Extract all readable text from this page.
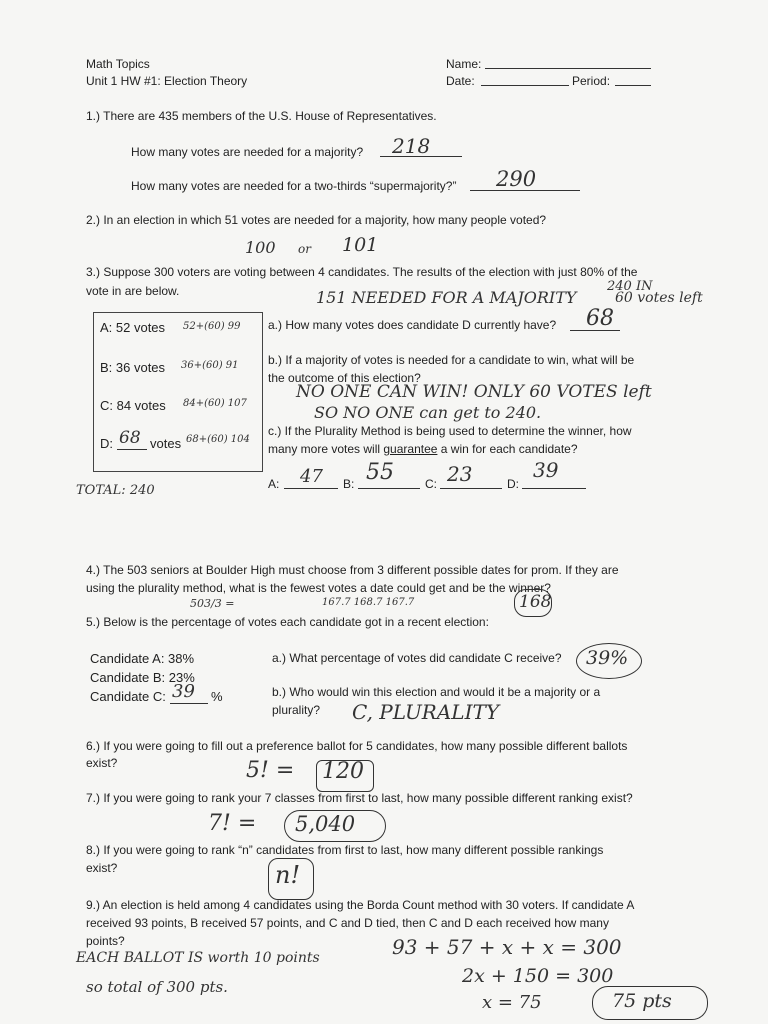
Math Topics
Unit 1 HW #1: Election Theory
Name:
Date:	Period:
1.) There are 435 members of the U.S. House of Representatives.
How many votes are needed for a majority? 218
How many votes are needed for a two-thirds “supermajority?” 290
2.) In an election in which 51 votes are needed for a majority, how many people voted?
100 or 101
3.) Suppose 300 voters are voting between 4 candidates. The results of the election with just 80% of the
vote in are below.	151 NEEDED FOR A MAJORITY
240 IN
60 votes left
A: 52 votes 52+(60) 99
B: 36 votes 36+(60) 91
C: 84 votes 84+(60) 107
D: 68 votes 68+(60) 104
TOTAL: 240
a.) How many votes does candidate D currently have? 68
b.) If a majority of votes is needed for a candidate to win, what will be
the outcome of this election?
NO ONE CAN WIN! ONLY 60 VOTES left
SO NO ONE can get to 240.
c.) If the Plurality Method is being used to determine the winner, how
many more votes will guarantee a win for each candidate?
A: 47 B: 55	C: 23	D:
39
4.) The 503 seniors at Boulder High must choose from 3 different possible dates for prom. If they are
using the plurality method, what is the fewest votes a date could get and be the winner?
503/3 =	167.7 168.7 167.7	168
5.) Below is the percentage of votes each candidate got in a recent election:
Candidate A: 38%
Candidate B: 23%
Candidate C: 39 %
a.) What percentage of votes did candidate C receive? 39%
b.) Who would win this election and would it be a majority or a
plurality? C, PLURALITY
6.) If you were going to fill out a preference ballot for 5 candidates, how many possible different ballots
exist?	5! = 120
7.) If you were going to rank your 7 classes from first to last, how many possible different ranking exist?
7! = 5,040
8.) If you were going to rank “n” candidates from first to last, how many different possible rankings
exist?	n!
9.) An election is held among 4 candidates using the Borda Count method with 30 voters. If candidate A
received 93 points, B received 57 points, and C and D tied, then C and D each received how many
points?
EACH BALLOT IS worth 10 points
so total of 300 pts.
93 + 57 + x + x = 300
2x + 150 = 300
x = 75	75 pts
